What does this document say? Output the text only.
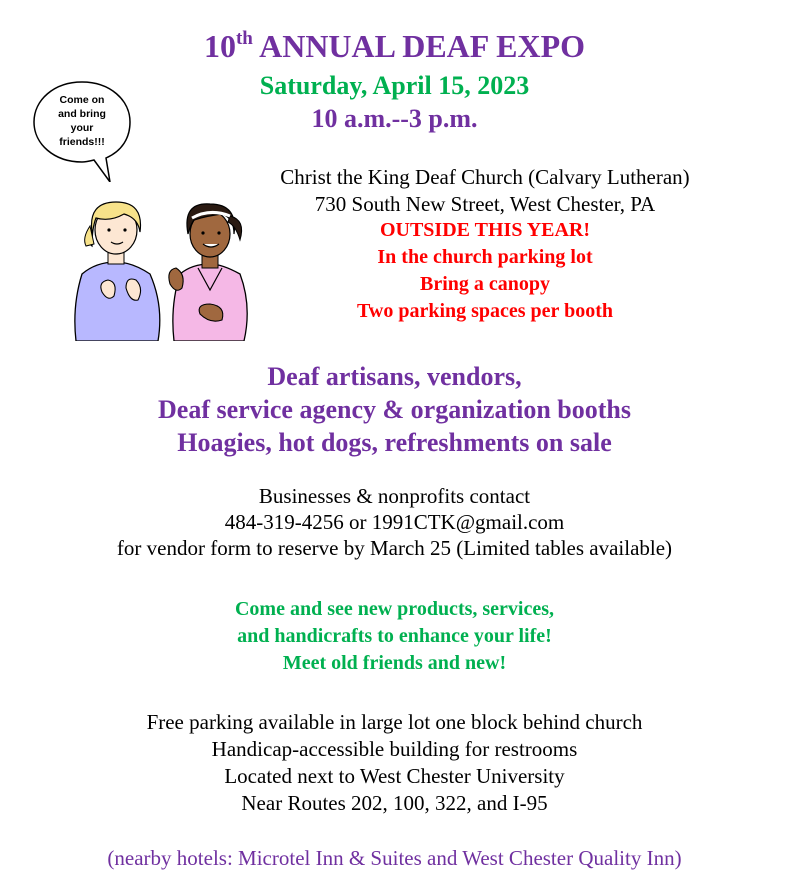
10th ANNUAL DEAF EXPO
Saturday, April 15, 2023
10 a.m.--3 p.m.
Come on
and bring
your
friends!!!
Christ the King Deaf Church (Calvary Lutheran)
730 South New Street, West Chester, PA
OUTSIDE THIS YEAR!
In the church parking lot
Bring a canopy
Two parking spaces per booth
Deaf artisans, vendors,
Deaf service agency & organization booths
Hoagies, hot dogs, refreshments on sale
Businesses & nonprofits contact
484-319-4256 or 1991CTK@gmail.com
for vendor form to reserve by March 25 (Limited tables available)
Come and see new products, services,
and handicrafts to enhance your life!
Meet old friends and new!
Free parking available in large lot one block behind church
Handicap-accessible building for restrooms
Located next to West Chester University
Near Routes 202, 100, 322, and I-95
(nearby hotels: Microtel Inn & Suites and West Chester Quality Inn)
